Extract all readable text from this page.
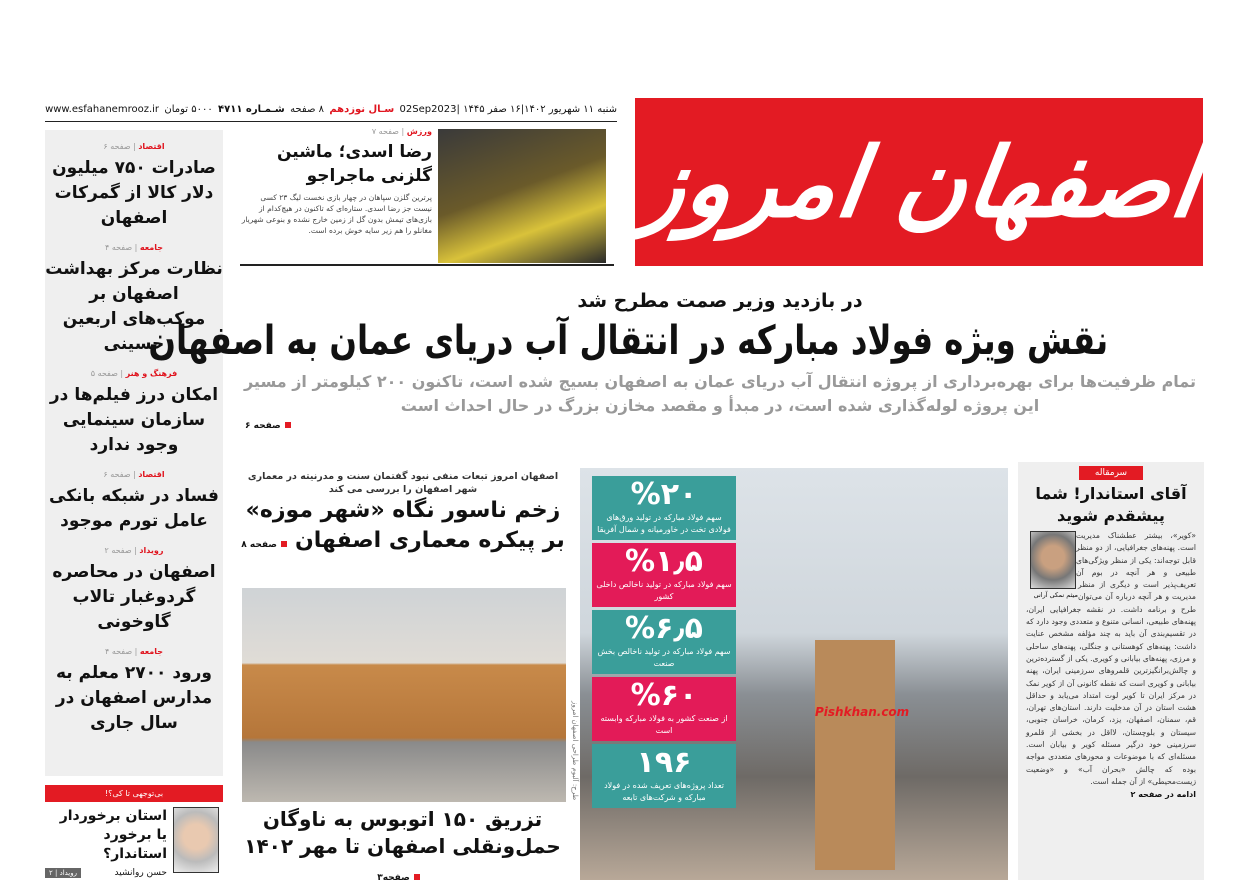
شنبه ۱۱ شهریور ۱۴۰۲|۱۶ صفر ۱۴۴۵ |02Sep2023
سـال نوزدهم
۸ صفحه
شـمـاره ۴۷۱۱
۵۰۰۰ تومان
www.esfahanemrooz.ir
اصفهان امروز
ورزش | صفحه ۷
رضا اسدی؛ ماشین گلزنی ماجراجو

پرترین گلزن سپاهان در چهار بازی نخست لیگ ۲۳ کسی نیست جز رضا اسدی. ستاره‌ای که تاکنون در هیچ‌کدام از بازی‌های تیمش بدون گل از زمین خارج نشده و بنوعی شهریار مغانلو را هم زیر سایه خوش برده است.

اقتصاد | صفحه ۶
صادرات ۷۵۰ میلیون دلار کالا از گمرکات اصفهان
جامعه | صفحه ۴
نظارت مرکز بهداشت اصفهان بر موکب‌های اربعین حسینی
فرهنگ و هنر | صفحه ۵
امکان درز فیلم‌ها در سازمان سینمایی وجود ندارد
اقتصاد | صفحه ۶
فساد در شبکه بانکی عامل تورم موجود
رویداد | صفحه ۲
اصفهان در محاصره گردوغبار تالاب گاوخونی
جامعه | صفحه ۴
ورود ۲۷۰۰ معلم به مدارس اصفهان در سال جاری
بی‌توجهی تا کی؟!
استان برخوردار یا برخورد استاندار؟
حسن روانشید
رویداد | ۲
در بازدید وزیر صمت مطرح شد
نقش ویژه فولاد مبارکه در انتقال آب دریای عمان به اصفهان
تمام ظرفیت‌ها برای بهره‌برداری از پروژه انتقال آب دریای عمان به اصفهان بسیج شده است، تاکنون ۲۰۰ کیلومتر از مسیر این پروژه لوله‌گذاری شده است، در مبدأ و مقصد مخازن بزرگ در حال احداث است
صفحه ۶
اصفهان امروز تبعات منفی نبود گفتمان سنت و مدرنیته در معماری شهر اصفهان را بررسی می کند
زخم ناسور نگاه «شهر موزه» بر پیکره معماری اصفهانصفحه ۸
طرح: آلبوم طراحی اصفهان امروز
تزریق ۱۵۰ اتوبوس به ناوگان حمل‌ونقلی اصفهان تا مهر ۱۴۰۲صفحه۳
Pishkhan.com
%۲۰
سهم فولاد مبارکه در تولید ورق‌های فولادی تخت در خاورمیانه و شمال آفریقا
%۱٫۵
سهم فولاد مبارکه در تولید ناخالص داخلی کشور
%۶٫۵
سهم فولاد مبارکه در تولید ناخالص بخش صنعت
%۶۰
از صنعت کشور به فولاد مبارکه وابسته است
۱۹۶
تعداد پروژه‌های تعریف شده در فولاد مبارکه و شرکت‌های تابعه
سرمقاله
آقای استاندار! شما پیشقدم شوید
میثم نمکی آرانی

«کویر»، بیشتر عطشناک مدیریت است. پهنه‌های جغرافیایی، از دو منظر قابل توجه‌اند: یکی از منظر ویژگی‌های طبیعی و هر آنچه در بوم آن تعریف‌پذیر است و دیگری از منظر مدیریت و هر آنچه درباره آن می‌توان طرح و برنامه داشت. در نقشه جغرافیایی ایران، پهنه‌های طبیعی، انسانی متنوع و متعددی وجود دارد که در تقسیم‌بندی آن باید به چند مؤلفه مشخص عنایت داشت: پهنه‌های کوهستانی و جنگلی، پهنه‌های ساحلی و مرزی، پهنه‌های بیابانی و کویری. یکی از گسترده‌ترین و چالش‌برانگیزترین قلمروهای سرزمینی ایران، پهنه بیابانی و کویری است که نقطه کانونی آن از کویر نمک در مرکز ایران تا کویر لوت امتداد می‌یابد و حداقل هشت استان در آن مدخلیت دارند. استان‌های تهران، قم، سمنان، اصفهان، یزد، کرمان، خراسان جنوبی، سیستان و بلوچستان، لااقل در بخشی از قلمرو سرزمینی خود درگیر مسئله کویر و بیابان است. مسئله‌ای که با موضوعات و محورهای متعددی مواجه بوده که چالش «بحران آب» و «وضعیت زیست‌محیطی» از آن جمله است.

ادامه در صفحه ۲
